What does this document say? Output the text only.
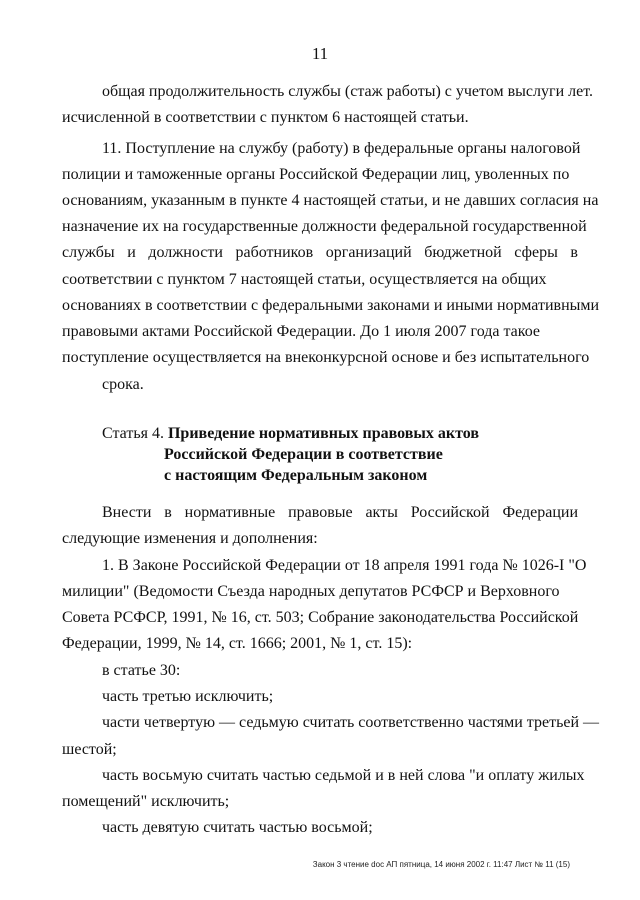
11
общая продолжительность службы (стаж работы) с учетом выслуги лет.
исчисленной в соответствии с пунктом 6 настоящей статьи.
11. Поступление на службу (работу) в федеральные органы налоговой
полиции и таможенные органы Российской Федерации лиц, уволенных по
основаниям, указанным в пункте 4 настоящей статьи, и не давших согласия на
назначение их на государственные должности федеральной государственной
службы и должности работников организаций бюджетной сферы в
соответствии с пунктом 7 настоящей статьи, осуществляется на общих
основаниях в соответствии с федеральными законами и иными нормативными
правовыми актами Российской Федерации. До 1 июля 2007 года такое
поступление осуществляется на внеконкурсной основе и без испытательного
срока.
Статья 4. Приведение нормативных правовых актов
Российской Федерации в соответствие
с настоящим Федеральным законом
Внести в нормативные правовые акты Российской Федерации
следующие изменения и дополнения:
1. В Законе Российской Федерации от 18 апреля 1991 года № 1026-I "О
милиции" (Ведомости Съезда народных депутатов РСФСР и Верховного
Совета РСФСР, 1991, № 16, ст. 503; Собрание законодательства Российской
Федерации, 1999, № 14, ст. 1666; 2001, № 1, ст. 15):
в статье 30:
часть третью исключить;
части четвертую — седьмую считать соответственно частями третьей —
шестой;
часть восьмую считать частью седьмой и в ней слова "и оплату жилых
помещений" исключить;
часть девятую считать частью восьмой;
Закон 3 чтение doc АП пятница, 14 июня 2002 г. 11:47 Лист № 11 (15)
